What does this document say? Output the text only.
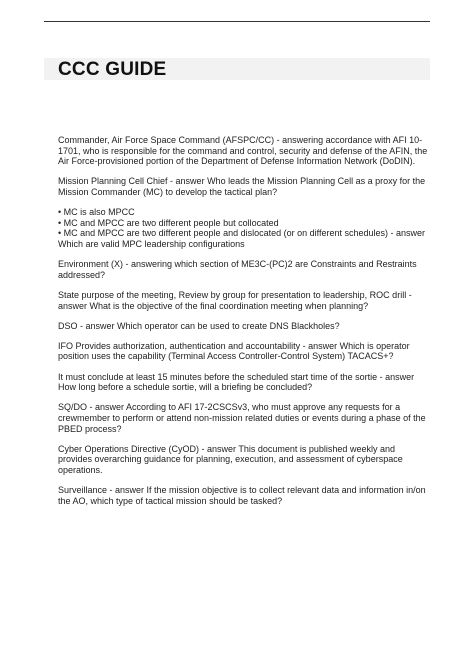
CCC GUIDE

Commander, Air Force Space Command (AFSPC/CC) - answering accordance with AFI 10-1701, who is responsible for the command and control, security and defense of the AFIN, the Air Force-provisioned portion of the Department of Defense Information Network (DoDIN).

Mission Planning Cell Chief - answer Who leads the Mission Planning Cell as a proxy for the Mission Commander (MC) to develop the tactical plan?

• MC is also MPCC
• MC and MPCC are two different people but collocated
• MC and MPCC are two different people and dislocated (or on different schedules) - answer Which are valid MPC leadership configurations

Environment (X) - answering which section of ME3C-(PC)2 are Constraints and Restraints addressed?

State purpose of the meeting, Review by group for presentation to leadership, ROC drill - answer What is the objective of the final coordination meeting when planning?

DSO - answer Which operator can be used to create DNS Blackholes?

IFO Provides authorization, authentication and accountability - answer Which is operator position uses the capability (Terminal Access Controller-Control System) TACACS+?

It must conclude at least 15 minutes before the scheduled start time of the sortie - answer How long before a schedule sortie, will a briefing be concluded?

SQ/DO - answer According to AFI 17-2CSCSv3, who must approve any requests for a crewmember to perform or attend non-mission related duties or events during a phase of the PBED process?

Cyber Operations Directive (CyOD) - answer This document is published weekly and provides overarching guidance for planning, execution, and assessment of cyberspace operations.

Surveillance - answer If the mission objective is to collect relevant data and information in/on the AO, which type of tactical mission should be tasked?
